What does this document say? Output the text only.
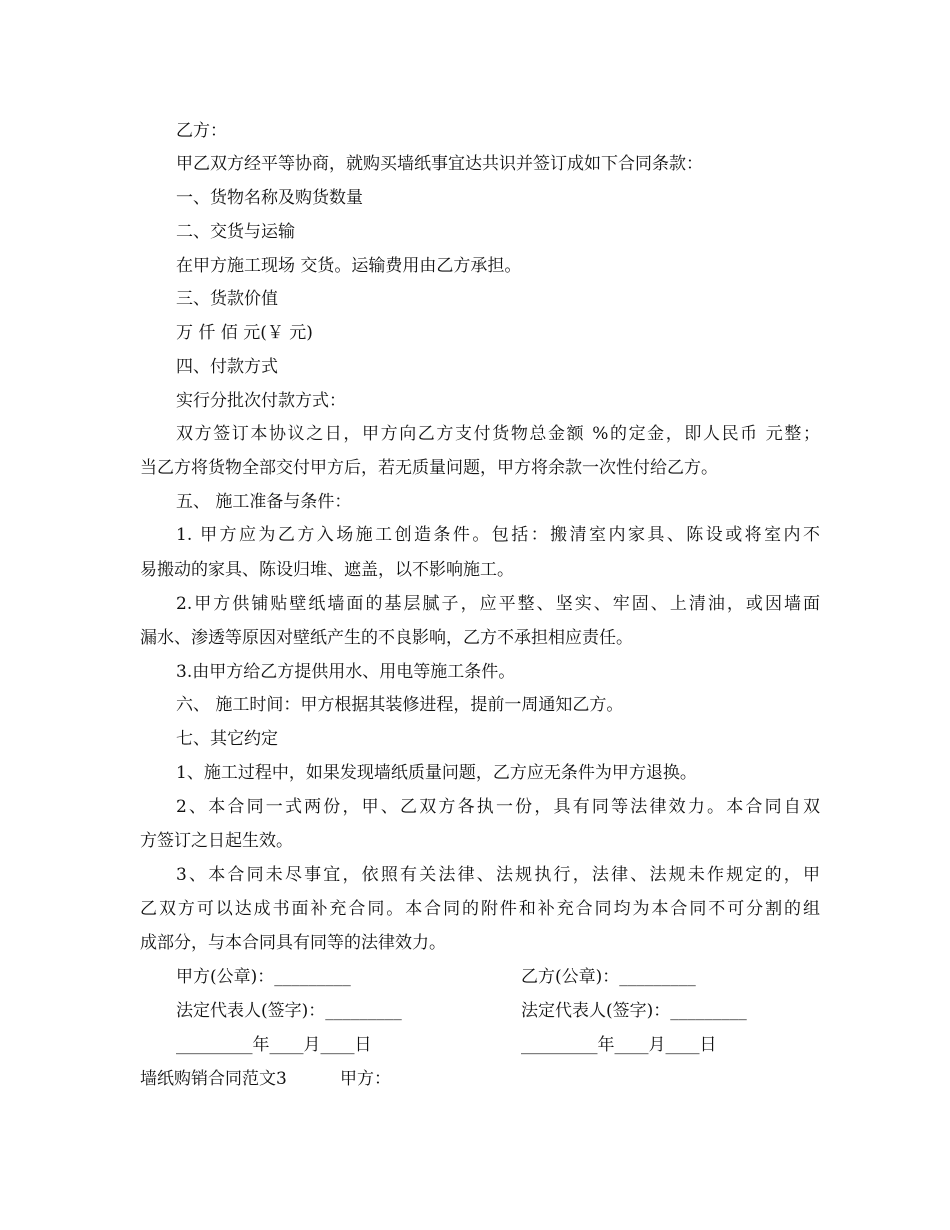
乙方：
甲乙双方经平等协商，就购买墙纸事宜达共识并签订成如下合同条款：
一、货物名称及购货数量
二、交货与运输
在甲方施工现场 交货。运输费用由乙方承担。
三、货款价值
万 仟 佰 元(￥ 元)
四、付款方式
实行分批次付款方式：
双方签订本协议之日，甲方向乙方支付货物总金额 %的定金，即人民币 元整；
当乙方将货物全部交付甲方后，若无质量问题，甲方将余款一次性付给乙方。
五、 施工准备与条件：
1. 甲方应为乙方入场施工创造条件。包括：搬清室内家具、陈设或将室内不
易搬动的家具、陈设归堆、遮盖，以不影响施工。
2.甲方供铺贴壁纸墙面的基层腻子，应平整、坚实、牢固、上清油，或因墙面
漏水、渗透等原因对壁纸产生的不良影响，乙方不承担相应责任。
3.由甲方给乙方提供用水、用电等施工条件。
六、 施工时间：甲方根据其装修进程，提前一周通知乙方。
七、其它约定
1、施工过程中，如果发现墙纸质量问题，乙方应无条件为甲方退换。
2、本合同一式两份，甲、乙双方各执一份，具有同等法律效力。本合同自双
方签订之日起生效。
3、本合同未尽事宜，依照有关法律、法规执行，法律、法规未作规定的，甲
乙双方可以达成书面补充合同。本合同的附件和补充合同均为本合同不可分割的组
成部分，与本合同具有同等的法律效力。
甲方(公章)：_________	乙方(公章)：_________
法定代表人(签字)：_________	法定代表人(签字)：_________
_________年____月____日	_________年____月____日
墙纸购销合同范文3	甲方：
